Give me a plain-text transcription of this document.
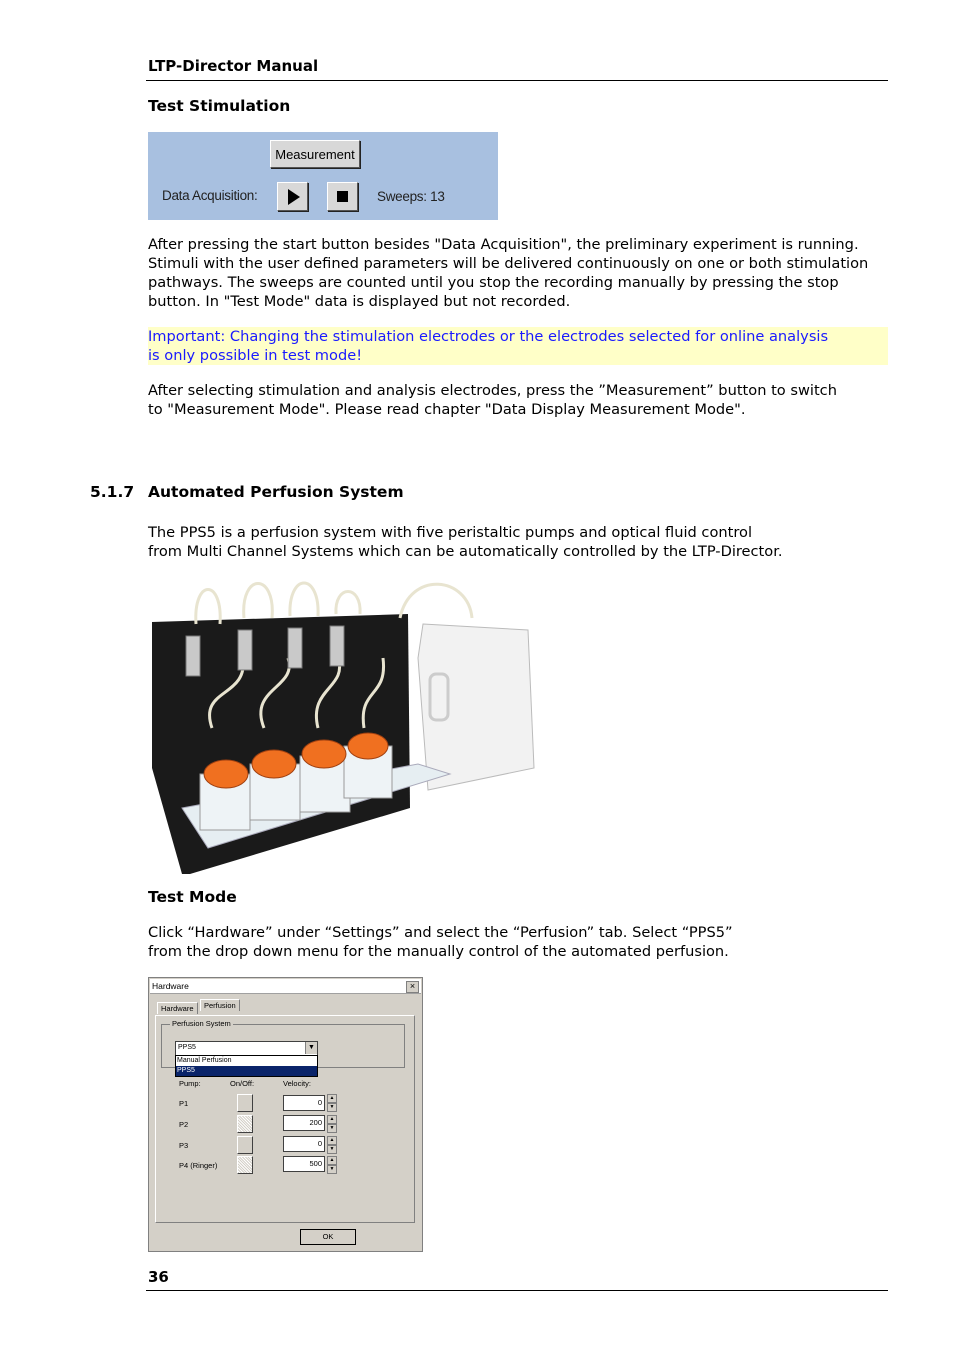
LTP-Director Manual
Test Stimulation
Measurement
Data Acquisition:	Sweeps: 13
After pressing the start button besides "Data Acquisition", the preliminary experiment is running. Stimuli with the user defined parameters will be delivered continuously on one or both stimulation pathways. The sweeps are counted until you stop the recording manually by pressing the stop button. In "Test Mode" data is displayed but not recorded.
Important: Changing the stimulation electrodes or the electrodes selected for online analysis
is only possible in test mode!
After selecting stimulation and analysis electrodes, press the ”Measurement” button to switch
to "Measurement Mode". Please read chapter "Data Display Measurement Mode".
5.1.7 Automated Perfusion System
The PPS5 is a perfusion system with five peristaltic pumps and optical fluid control
from Multi Channel Systems which can be automatically controlled by the LTP-Director.
Test Mode
Click “Hardware” under “Settings” and select the “Perfusion” tab. Select “PPS5”
from the drop down menu for the manually control of the automated perfusion.
Hardware	×
Hardware	Perfusion
Perfusion System
PPS5	▼
Manual Perfusion
PPS5
Pump:	On/Off:	Velocity:
P1	0	▲
▼
P2	200	▲
▼
P3	0	▲
▼
P4 (Ringer)	500	▲
▼
OK
36
